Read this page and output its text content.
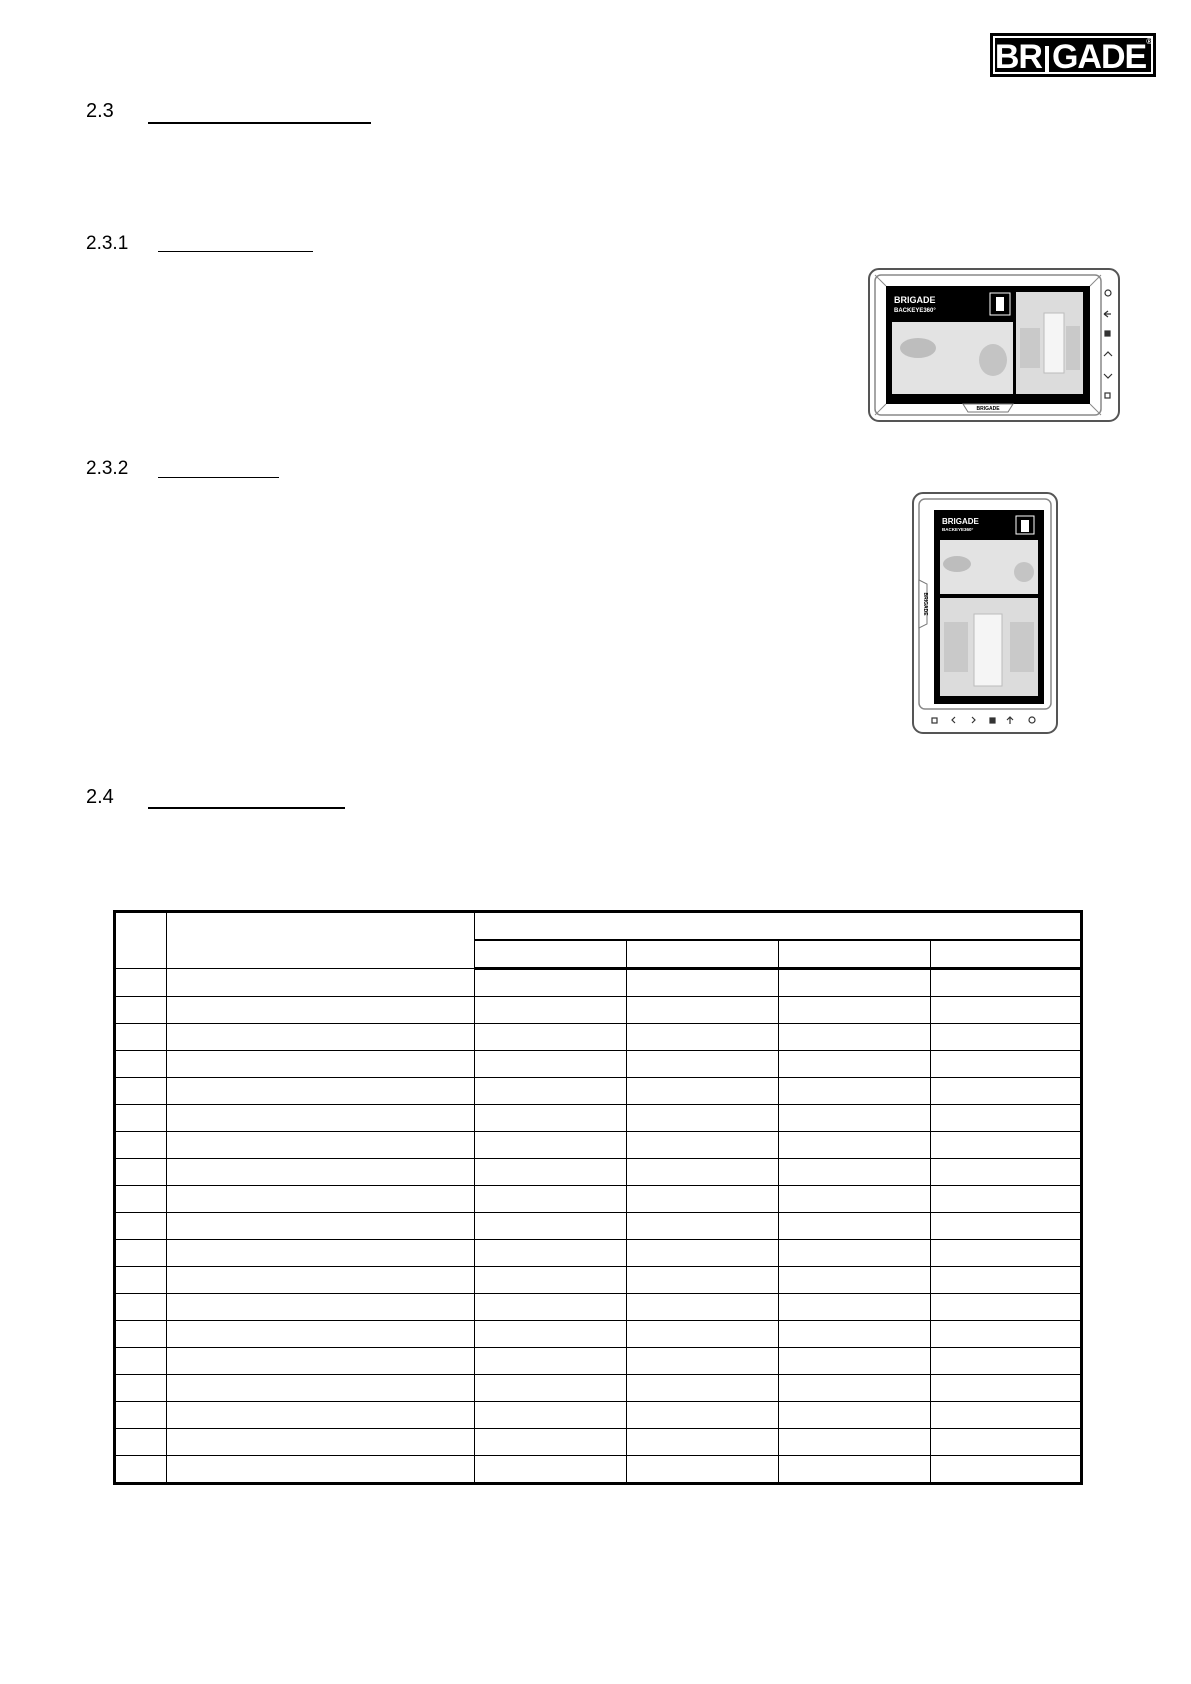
BR GADE®
2.3
2.3.1
2.3.2
2.4
BRIGADE
BACKEYE360°
BRIGADE
BRIGADE
BACKEYE360°
BRIGADE
